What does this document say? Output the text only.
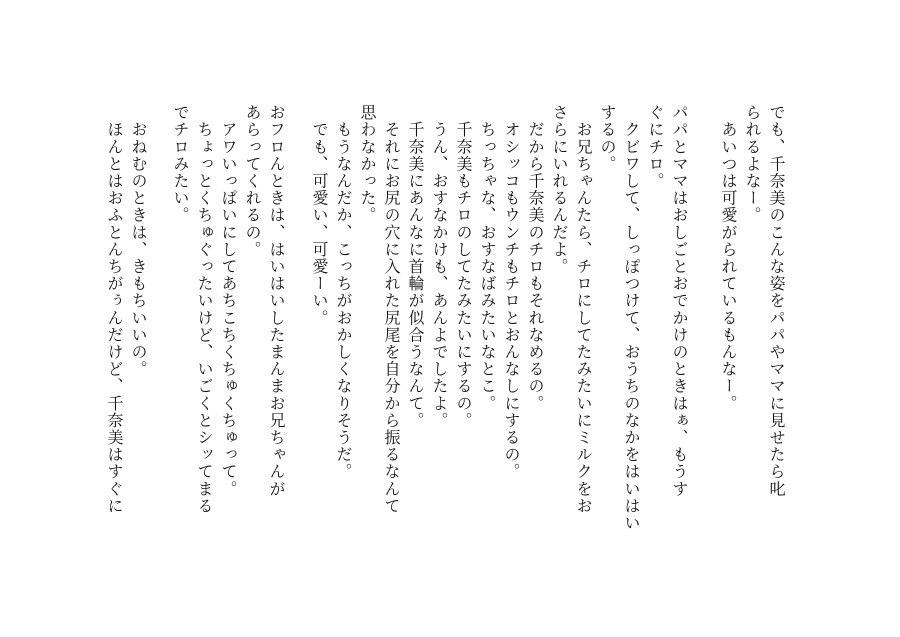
でも、千奈美のこんな姿をパパやママに見せたら叱
られるよなー。
　あいつは可愛がられているもんなー。
パパとママはおしごとおでかけのときはぁ、もうす
ぐにチロ。
　クビワして、しっぽつけて、おうちのなかをはいはい
するの。
　お兄ちゃんたら、チロにしてたみたいにミルクをお
さらにいれるんだよ。
　だから千奈美のチロもそれなめるの。
　オシッコもウンチもチロとおんなしにするの。
　ちっちゃな、おすなばみたいなとこ。
　千奈美もチロのしてたみたいにするの。
　うん、おすなかけも、あんよでしたよ。
　千奈美にあんなに首輪が似合うなんて。
　それにお尻の穴に入れた尻尾を自分から振るなんて
思わなかった。
　もうなんだか、こっちがおかしくなりそうだ。
　でも、可愛い、可愛ーい。
おフロんときは、はいはいしたまんまお兄ちゃんが
あらってくれるの。
　アワいっぱいにしてあちこちくちゅくちゅって。
　ちょっとくちゅぐったいけど、いごくとシッてまる
でチロみたい。
　おねむのときは、きもちいいの。
　ほんとはおふとんちがぅんだけど、千奈美はすぐに
